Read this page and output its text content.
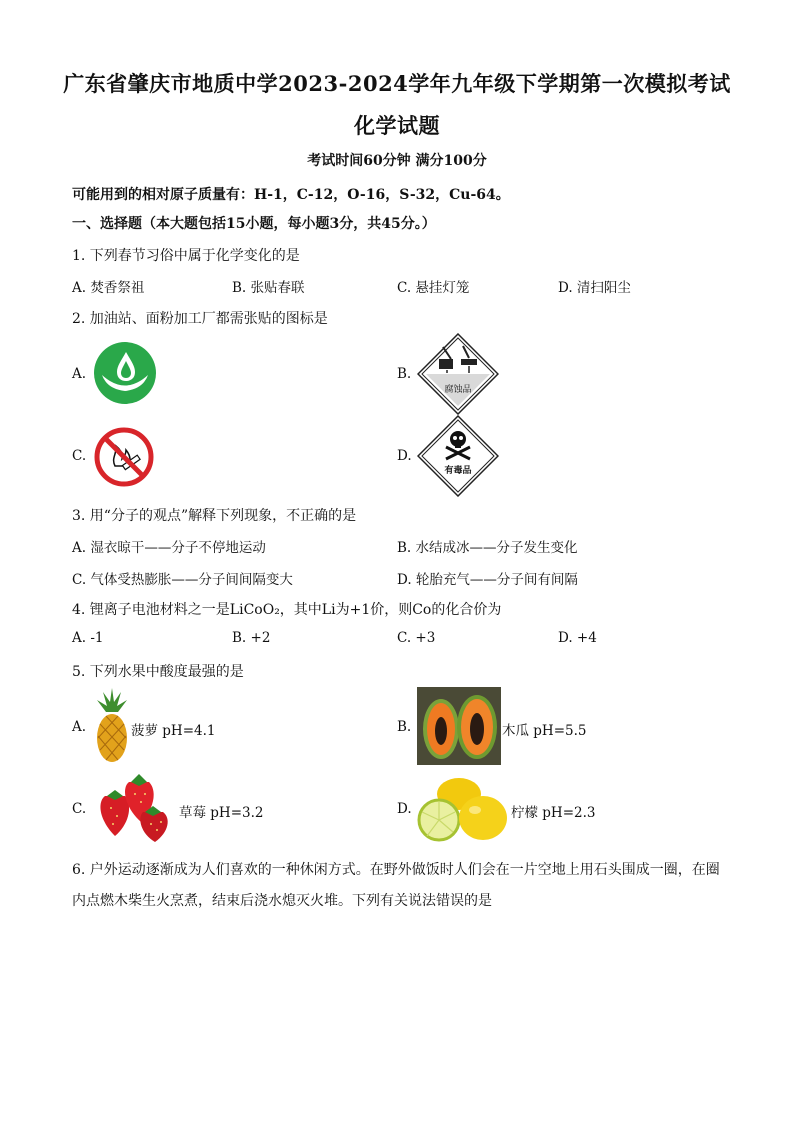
广东省肇庆市地质中学2023-2024学年九年级下学期第一次模拟考试
化学试题
考试时间60分钟 满分100分
可能用到的相对原子质量有：H-1，C-12，O-16，S-32，Cu-64。
一、选择题（本大题包括15小题，每小题3分，共45分。）
1. 下列春节习俗中属于化学变化的是
A. 焚香祭祖	B. 张贴春联	C. 悬挂灯笼	D. 清扫阳尘
2. 加油站、面粉加工厂都需张贴的图标是
A.	B.
C.	D.
腐蚀品
有毒品
3. 用“分子的观点”解释下列现象，不正确的是
A. 湿衣晾干——分子不停地运动	B. 水结成冰——分子发生变化
C. 气体受热膨胀——分子间间隔变大	D. 轮胎充气——分子间有间隔
4. 锂离子电池材料之一是LiCoO₂，其中Li为+1价，则Co的化合价为
A. -1	B. +2	C. +3	D. +4
5. 下列水果中酸度最强的是
A.	B.
C.	D.
菠萝 pH=4.1	木瓜 pH=5.5
草莓 pH=3.2	柠檬 pH=2.3
6. 户外运动逐渐成为人们喜欢的一种休闲方式。在野外做饭时人们会在一片空地上用石头围成一圈，在圈
内点燃木柴生火烹煮，结束后浇水熄灭火堆。下列有关说法错误的是
